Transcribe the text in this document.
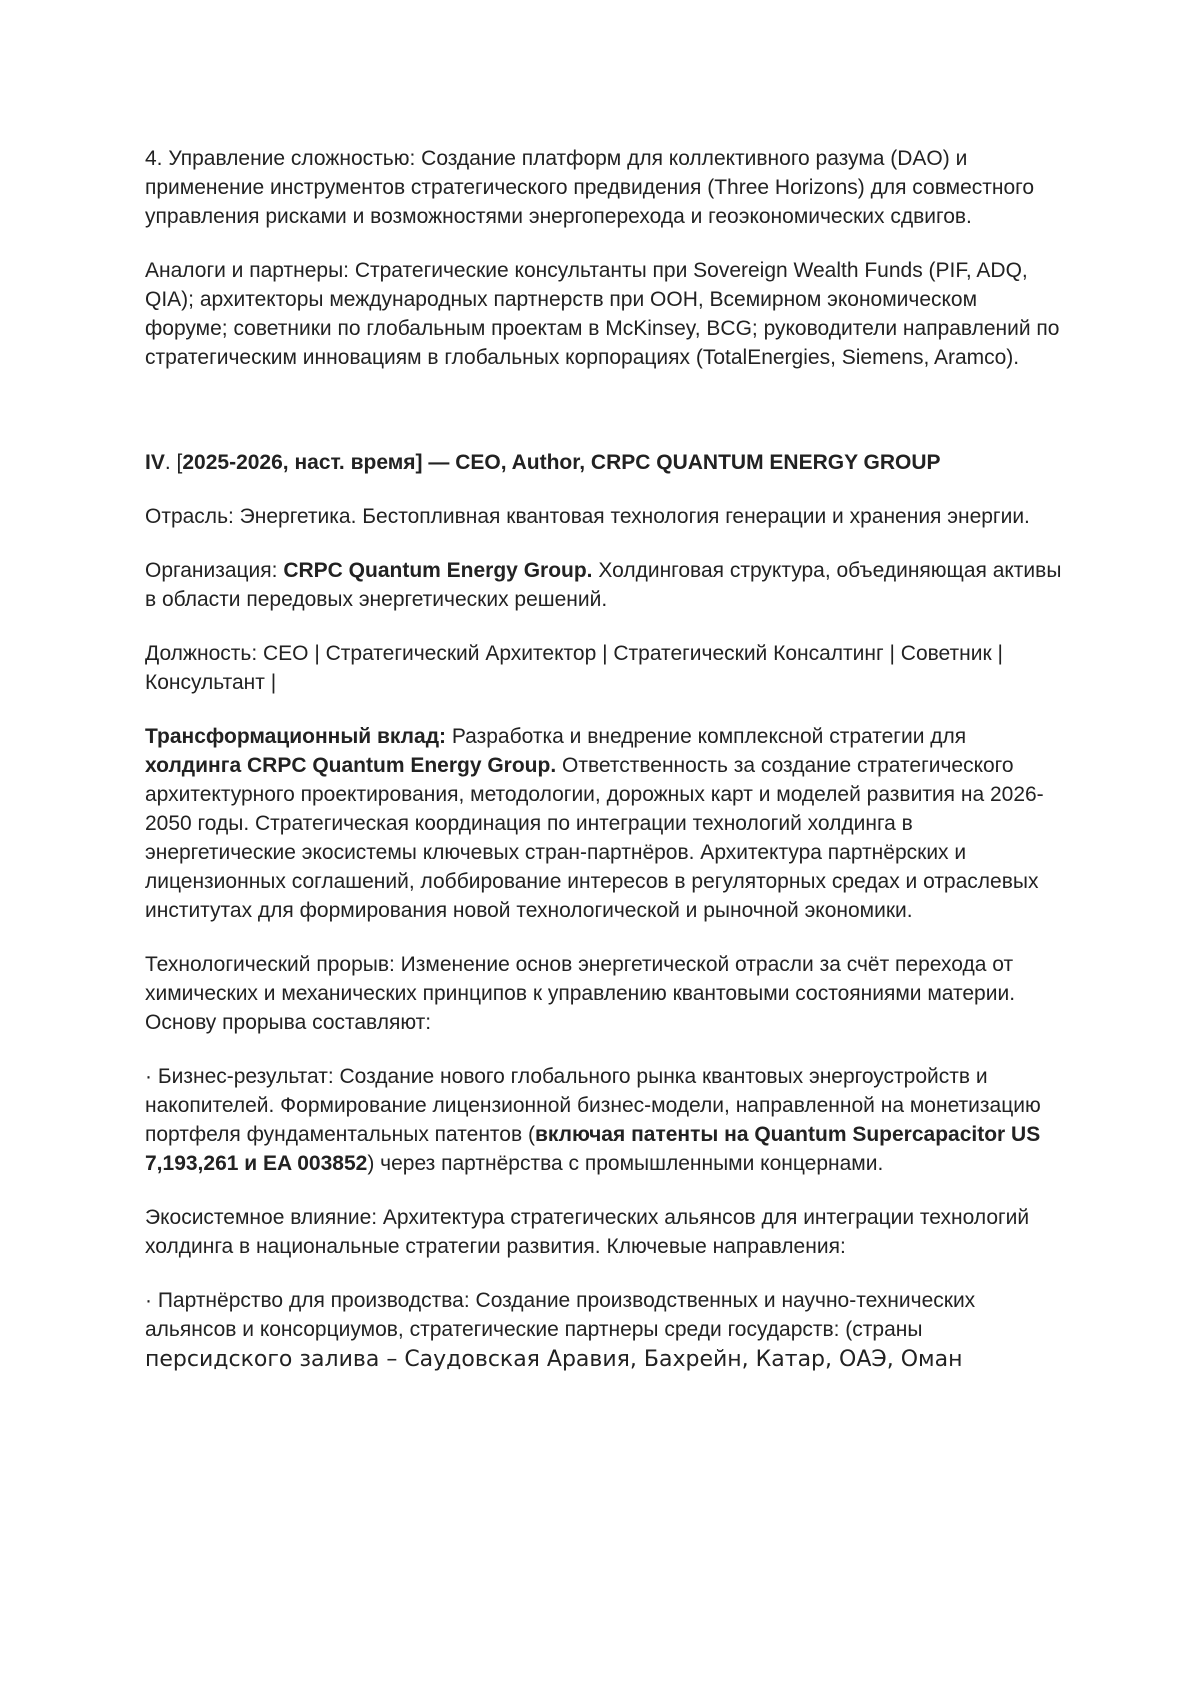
4. Управление сложностью: Создание платформ для коллективного разума (DAO) и применение инструментов стратегического предвидения (Three Horizons) для совместного управления рисками и возможностями энергоперехода и геоэкономических сдвигов.

Аналоги и партнеры: Стратегические консультанты при Sovereign Wealth Funds (PIF, ADQ, QIA); архитекторы международных партнерств при ООН, Всемирном экономическом форуме; советники по глобальным проектам в McKinsey, BCG; руководители направлений по стратегическим инновациям в глобальных корпорациях (TotalEnergies, Siemens, Aramco).

IV. [2025-2026, наст. время] — CEO, Author, CRPC QUANTUM ENERGY GROUP

Отрасль: Энергетика. Бестопливная квантовая технология генерации и хранения энергии.

Организация: CRPC Quantum Energy Group. Холдинговая структура, объединяющая активы в области передовых энергетических решений.

Должность: CEO | Стратегический Архитектор | Стратегический Консалтинг | Советник | Консультант |

Трансформационный вклад: Разработка и внедрение комплексной стратегии для холдинга CRPC Quantum Energy Group. Ответственность за создание стратегического архитектурного проектирования, методологии, дорожных карт и моделей развития на 2026-2050 годы. Стратегическая координация по интеграции технологий холдинга в энергетические экосистемы ключевых стран-партнёров. Архитектура партнёрских и лицензионных соглашений, лоббирование интересов в регуляторных средах и отраслевых институтах для формирования новой технологической и рыночной экономики.

Технологический прорыв: Изменение основ энергетической отрасли за счёт перехода от химических и механических принципов к управлению квантовыми состояниями материи. Основу прорыва составляют:

· Бизнес-результат: Создание нового глобального рынка квантовых энергоустройств и накопителей. Формирование лицензионной бизнес-модели, направленной на монетизацию портфеля фундаментальных патентов (включая патенты на Quantum Supercapacitor US 7,193,261 и EA 003852) через партнёрства с промышленными концернами.

Экосистемное влияние: Архитектура стратегических альянсов для интеграции технологий холдинга в национальные стратегии развития. Ключевые направления:

· Партнёрство для производства: Создание производственных и научно-технических альянсов и консорциумов, стратегические партнеры среди государств: (страны
персидского залива – Саудовская Аравия, Бахрейн, Катар, ОАЭ, Оман
